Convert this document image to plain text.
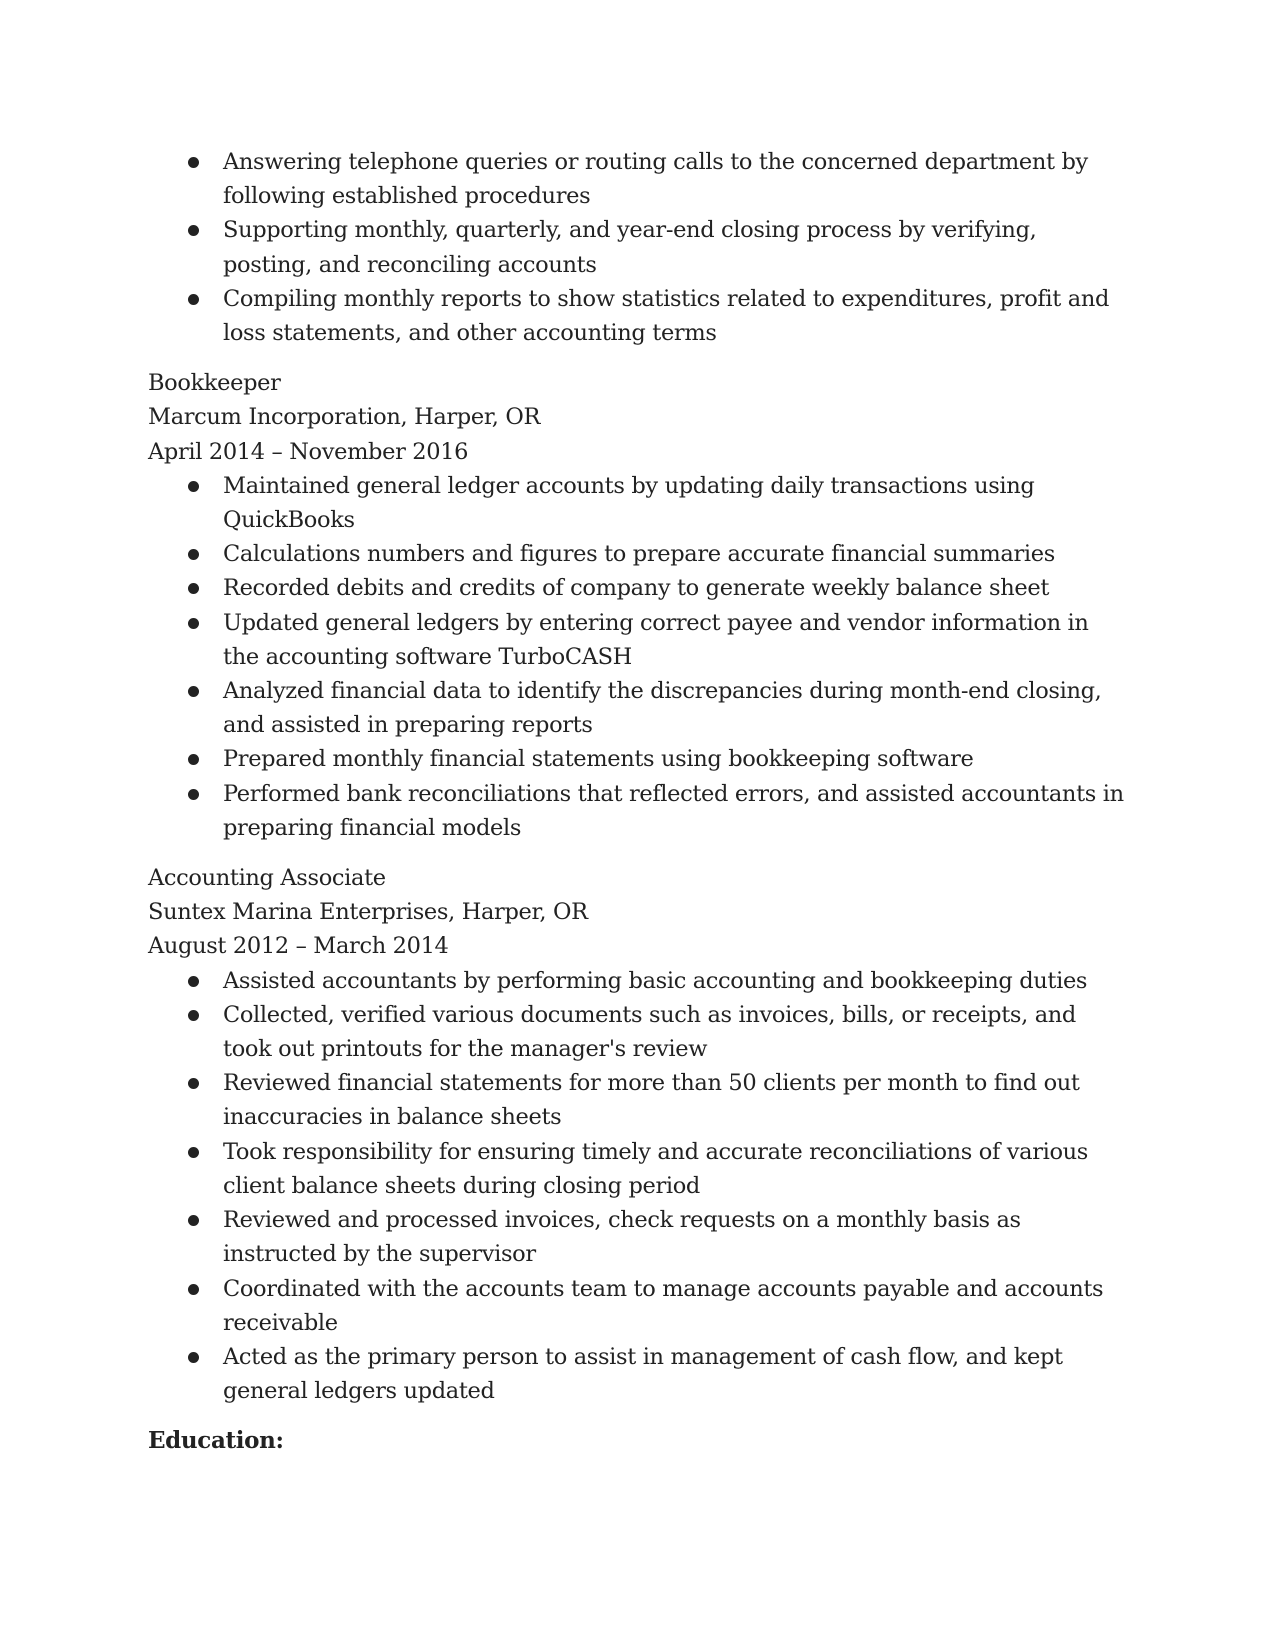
Answering telephone queries or routing calls to the concerned department by following established procedures
Supporting monthly, quarterly, and year-end closing process by verifying, posting, and reconciling accounts
Compiling monthly reports to show statistics related to expenditures, profit and loss statements, and other accounting terms
Bookkeeper
Marcum Incorporation, Harper, OR
April 2014 – November 2016
Maintained general ledger accounts by updating daily transactions using QuickBooks
Calculations numbers and figures to prepare accurate financial summaries
Recorded debits and credits of company to generate weekly balance sheet
Updated general ledgers by entering correct payee and vendor information in the accounting software TurboCASH
Analyzed financial data to identify the discrepancies during month-end closing, and assisted in preparing reports
Prepared monthly financial statements using bookkeeping software
Performed bank reconciliations that reflected errors, and assisted accountants in preparing financial models
Accounting Associate
Suntex Marina Enterprises, Harper, OR
August 2012 – March 2014
Assisted accountants by performing basic accounting and bookkeeping duties
Collected, verified various documents such as invoices, bills, or receipts, and took out printouts for the manager's review
Reviewed financial statements for more than 50 clients per month to find out inaccuracies in balance sheets
Took responsibility for ensuring timely and accurate reconciliations of various client balance sheets during closing period
Reviewed and processed invoices, check requests on a monthly basis as instructed by the supervisor
Coordinated with the accounts team to manage accounts payable and accounts receivable
Acted as the primary person to assist in management of cash flow, and kept general ledgers updated
Education:
